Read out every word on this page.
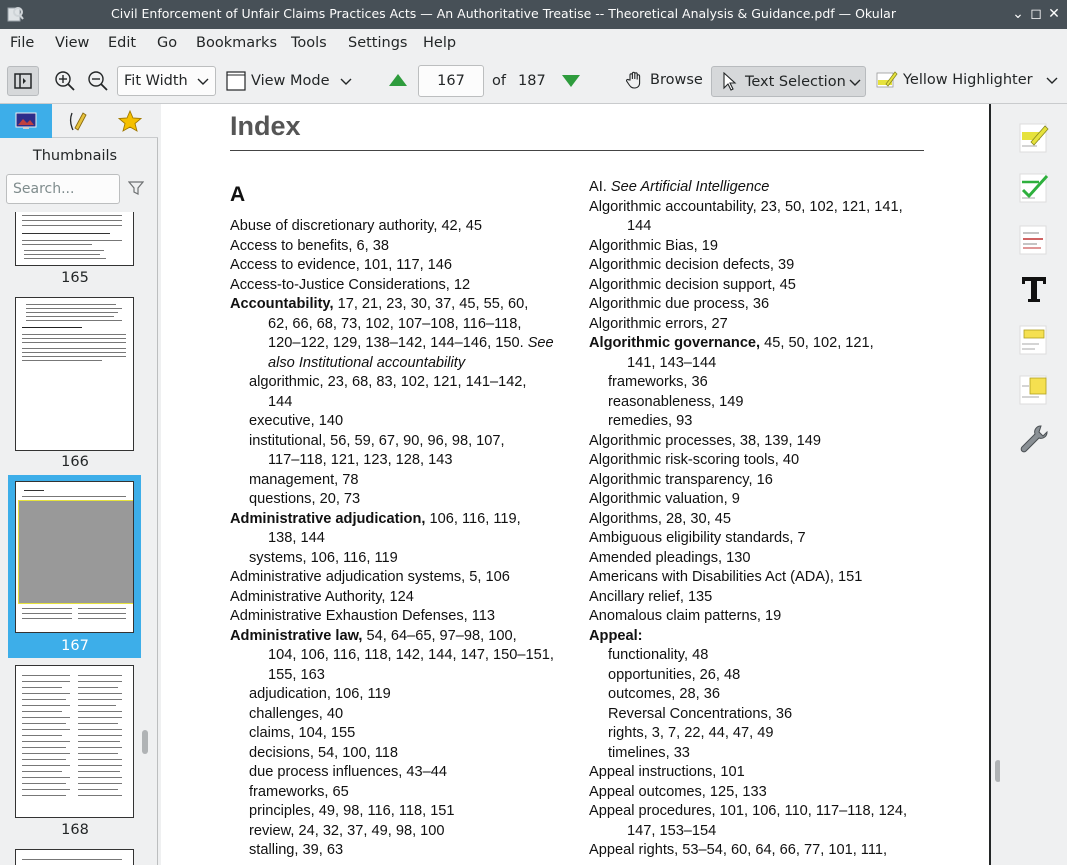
Civil Enforcement of Unfair Claims Practices Acts — An Authoritative Treatise -- Theoretical Analysis & Guidance.pdf — Okular	⌄ ◻ ✕
File View Edit Go Bookmarks Tools Settings Help
Fit Width	View Mode	167 of 187	Browse	Text Selection	Yellow Highlighter
Thumbnails
Search...
165
166
167
168
Index
A
Abuse of discretionary authority, 42, 45
Access to benefits, 6, 38
Access to evidence, 101, 117, 146
Access-to-Justice Considerations, 12
Accountability, 17, 21, 23, 30, 37, 45, 55, 60,
62, 66, 68, 73, 102, 107–108, 116–118,
120–122, 129, 138–142, 144–146, 150. See
also Institutional accountability
algorithmic, 23, 68, 83, 102, 121, 141–142,
144
executive, 140
institutional, 56, 59, 67, 90, 96, 98, 107,
117–118, 121, 123, 128, 143
management, 78
questions, 20, 73
Administrative adjudication, 106, 116, 119,
138, 144
systems, 106, 116, 119
Administrative adjudication systems, 5, 106
Administrative Authority, 124
Administrative Exhaustion Defenses, 113
Administrative law, 54, 64–65, 97–98, 100,
104, 106, 116, 118, 142, 144, 147, 150–151,
155, 163
adjudication, 106, 119
challenges, 40
claims, 104, 155
decisions, 54, 100, 118
due process influences, 43–44
frameworks, 65
principles, 49, 98, 116, 118, 151
review, 24, 32, 37, 49, 98, 100
stalling, 39, 63
AI. See Artificial Intelligence
Algorithmic accountability, 23, 50, 102, 121, 141,
144
Algorithmic Bias, 19
Algorithmic decision defects, 39
Algorithmic decision support, 45
Algorithmic due process, 36
Algorithmic errors, 27
Algorithmic governance, 45, 50, 102, 121,
141, 143–144
frameworks, 36
reasonableness, 149
remedies, 93
Algorithmic processes, 38, 139, 149
Algorithmic risk-scoring tools, 40
Algorithmic transparency, 16
Algorithmic valuation, 9
Algorithms, 28, 30, 45
Ambiguous eligibility standards, 7
Amended pleadings, 130
Americans with Disabilities Act (ADA), 151
Ancillary relief, 135
Anomalous claim patterns, 19
Appeal:
functionality, 48
opportunities, 26, 48
outcomes, 28, 36
Reversal Concentrations, 36
rights, 3, 7, 22, 44, 47, 49
timelines, 33
Appeal instructions, 101
Appeal outcomes, 125, 133
Appeal procedures, 101, 106, 110, 117–118, 124,
147, 153–154
Appeal rights, 53–54, 60, 64, 66, 77, 101, 111,
